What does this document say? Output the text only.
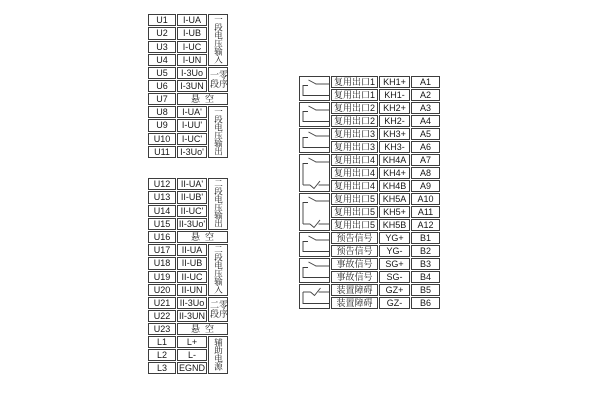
U1	I-UA	一段电压输入
U2	I-UB	
U3	I-UC	
U4	I-UN	
U5	I-3Uo	一段零序
U6	I-3UN	
U7	悬空	
U8	I-UA'	一段电压输出
U9	I-UU'	
U10	I-UC'	
U11	I-3Uo'	
U12	II-UA'	二段电压输出
U13	II-UB'	
U14	II-UC'	
U15	II-3Uo'	
U16	悬空	
U17	II-UA	二段电压输入
U18	II-UB	
U19	II-UC	
U20	II-UN	
U21	II-3Uo	二段零序
U22	II-3UN	
U23	悬空	
L1	L+	辅助电源
L2	L-	
L3	EGND	
	复用出口1	KH1+	A1
	复用出口1	KH1-	A2

	复用出口2	KH2+	A3
	复用出口2	KH2-	A4

	复用出口3	KH3+	A5
	复用出口3	KH3-	A6

	复用出口4	KH4A	A7
	复用出口4	KH4+	A8
	复用出口4	KH4B	A9

	复用出口5	KH5A	A10
	复用出口5	KH5+	A11
	复用出口5	KH5B	A12

	预告信号	YG+	B1
	预告信号	YG-	B2

	事故信号	SG+	B3
	事故信号	SG-	B4

	装置障碍	GZ+	B5
	装置障碍	GZ-	B6
